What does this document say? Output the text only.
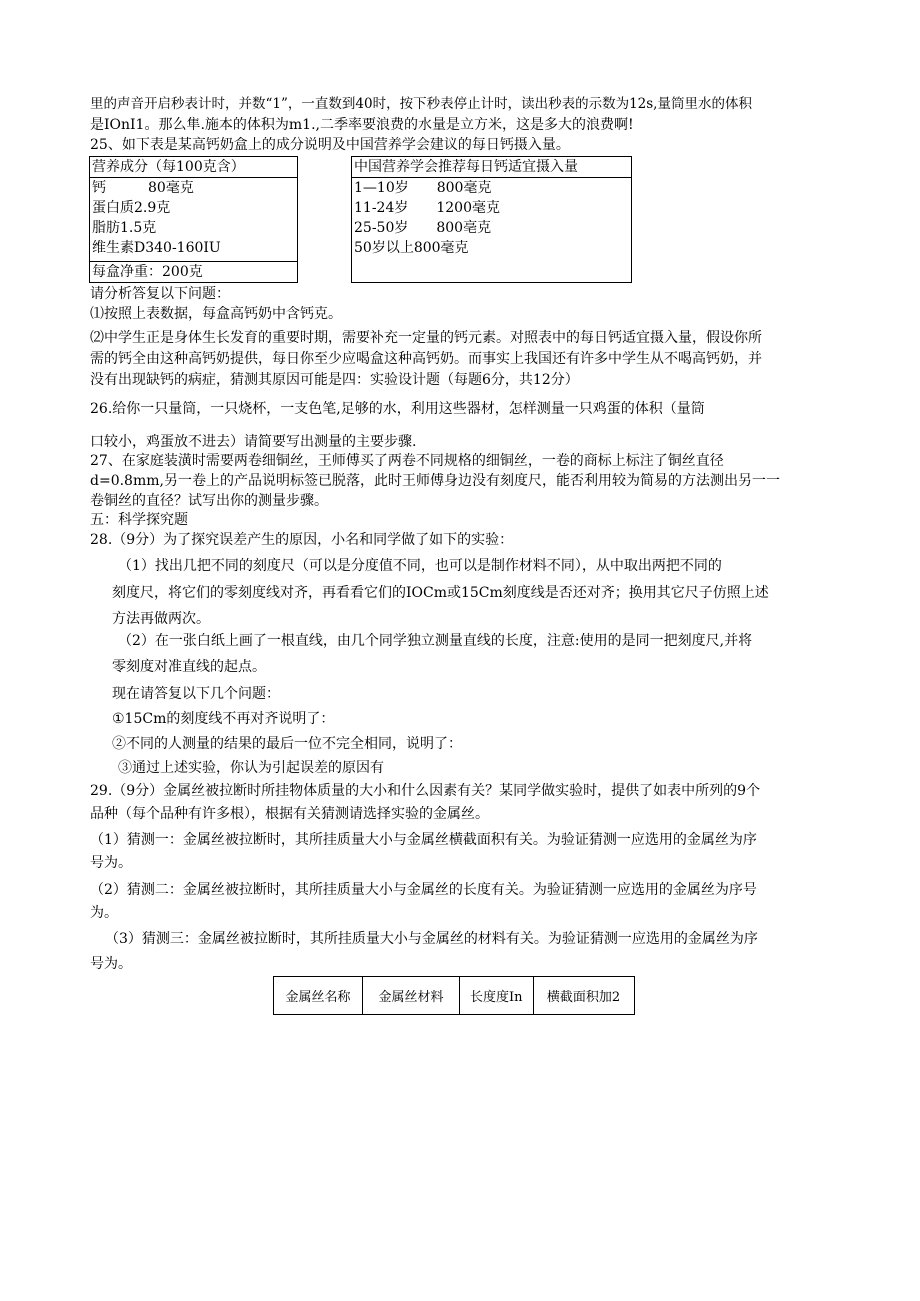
里的声音开启秒表计时，并数“1”，一直数到40时，按下秒表停止计时，读出秒表的示数为12s,量筒里水的体积
是IOnI1。那么隼.施本的体积为m1.,二季率要浪费的水量是立方米，这是多大的浪费啊!
25、如下表是某高钙奶盒上的成分说明及中国营养学会建议的每日钙摄入量。
营养成分（每100克含）
钙　　　80毫克
蛋白质2.9克
脂肪1.5克
维生素D340-160IU
每盒净重：200克
中国营养学会推荐每日钙适宜摄入量
1—10岁　　800毫克
11-24岁　　1200毫克
25-50岁　　800亳克
50岁以上800毫克
请分析答复以下问题：
⑴按照上表数据，每盒高钙奶中含钙克。
⑵中学生正是身体生长发育的重要时期，需要补充一定量的钙元素。对照表中的每日钙适宜摄入量，假设你所
需的钙全由这种高钙奶提供，每日你至少应喝盒这种高钙奶。而事实上我国还有许多中学生从不喝高钙奶，并
没有出现缺钙的病症，猜测其原因可能是四：实验设计题（每题6分，共12分）
26.给你一只量筒，一只烧杯，一支色笔,足够的水，利用这些器材，怎样测量一只鸡蛋的体积（量筒
口较小，鸡蛋放不进去）请简要写出测量的主要步骤.
27、在家庭装潢时需要两卷细铜丝，王师傅买了两卷不同规格的细铜丝，一卷的商标上标注了铜丝直径
d=0.8mm,另一卷上的产品说明标签已脱落，此时王师傅身边没有刻度尺，能否利用较为简易的方法测出另一一
卷铜丝的直径？试写出你的测量步骤。
五：科学探究题
28.（9分）为了探究误差产生的原因，小名和同学做了如下的实验：
（1）找出几把不同的刻度尺（可以是分度值不同，也可以是制作材料不同），从中取出两把不同的
刻度尺，将它们的零刻度线对齐，再看看它们的IOCm或15Cm刻度线是否还对齐；换用其它尺子仿照上述
方法再做两次。
（2）在一张白纸上画了一根直线，由几个同学独立测量直线的长度，注意:使用的是同一把刻度尺,并将
零刻度对准直线的起点。
现在请答复以下几个问题：
①15Cm的刻度线不再对齐说明了：
②不同的人测量的结果的最后一位不完全相同，说明了：
③通过上述实验，你认为引起误差的原因有
29.（9分）金属丝被拉断时所挂物体质量的大小和什么因素有关？某同学做实验时，提供了如表中所列的9个
品种（每个品种有许多根），根据有关猜测请选择实验的金属丝。
（1）猜测一：金属丝被拉断时，其所挂质量大小与金属丝横截面积有关。为验证猜测一应选用的金属丝为序
号为。
（2）猜测二：金属丝被拉断时，其所挂质量大小与金属丝的长度有关。为验证猜测一应选用的金属丝为序号
为。
（3）猜测三：金属丝被拉断时，其所挂质量大小与金属丝的材料有关。为验证猜测一应选用的金属丝为序
号为。
金属丝名称	金属丝材料	长度度In	横截面积加2
